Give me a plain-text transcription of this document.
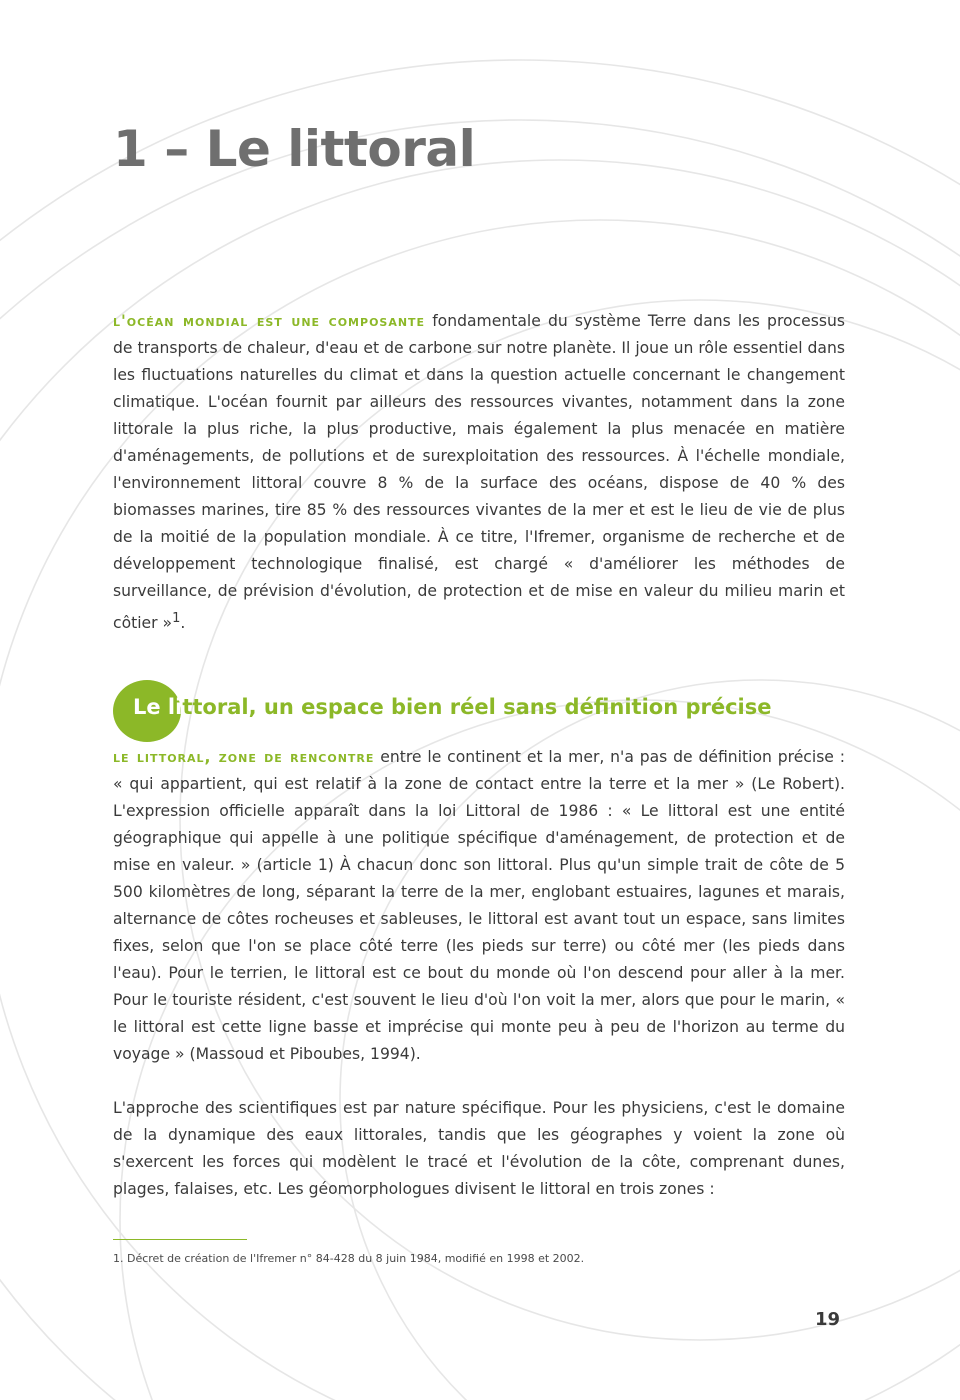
1 – Le littoral

l'océan mondial est une composante fondamentale du système Terre dans les processus de transports de chaleur, d'eau et de carbone sur notre planète. Il joue un rôle essentiel dans les fluctuations naturelles du climat et dans la question actuelle concernant le changement climatique. L'océan fournit par ailleurs des ressources vivantes, notamment dans la zone littorale la plus riche, la plus productive, mais également la plus menacée en matière d'aménagements, de pollutions et de surexploitation des ressources. À l'échelle mondiale, l'environnement littoral couvre 8 % de la surface des océans, dispose de 40 % des biomasses marines, tire 85 % des ressources vivantes de la mer et est le lieu de vie de plus de la moitié de la population mondiale. À ce titre, l'Ifremer, organisme de recherche et de développement technologique finalisé, est chargé « d'améliorer les méthodes de surveillance, de prévision d'évolution, de protection et de mise en valeur du milieu marin et côtier »$^1$.

Le littoral, un espace bien réel sans définition précise

le littoral, zone de rencontre entre le continent et la mer, n'a pas de définition précise : « qui appartient, qui est relatif à la zone de contact entre la terre et la mer » (Le Robert). L'expression officielle apparaît dans la loi Littoral de 1986 : « Le littoral est une entité géographique qui appelle à une politique spécifique d'aménagement, de protection et de mise en valeur. » (article 1) À chacun donc son littoral. Plus qu'un simple trait de côte de 5 500 kilomètres de long, séparant la terre de la mer, englobant estuaires, lagunes et marais, alternance de côtes rocheuses et sableuses, le littoral est avant tout un espace, sans limites fixes, selon que l'on se place côté terre (les pieds sur terre) ou côté mer (les pieds dans l'eau). Pour le terrien, le littoral est ce bout du monde où l'on descend pour aller à la mer. Pour le touriste résident, c'est souvent le lieu d'où l'on voit la mer, alors que pour le marin, « le littoral est cette ligne basse et imprécise qui monte peu à peu de l'horizon au terme du voyage » (Massoud et Piboubes, 1994).

L'approche des scientifiques est par nature spécifique. Pour les physiciens, c'est le domaine de la dynamique des eaux littorales, tandis que les géographes y voient la zone où s'exercent les forces qui modèlent le tracé et l'évolution de la côte, comprenant dunes, plages, falaises, etc. Les géomorphologues divisent le littoral en trois zones :

1. Décret de création de l'Ifremer n° 84-428 du 8 juin 1984, modifié en 1998 et 2002.

19
